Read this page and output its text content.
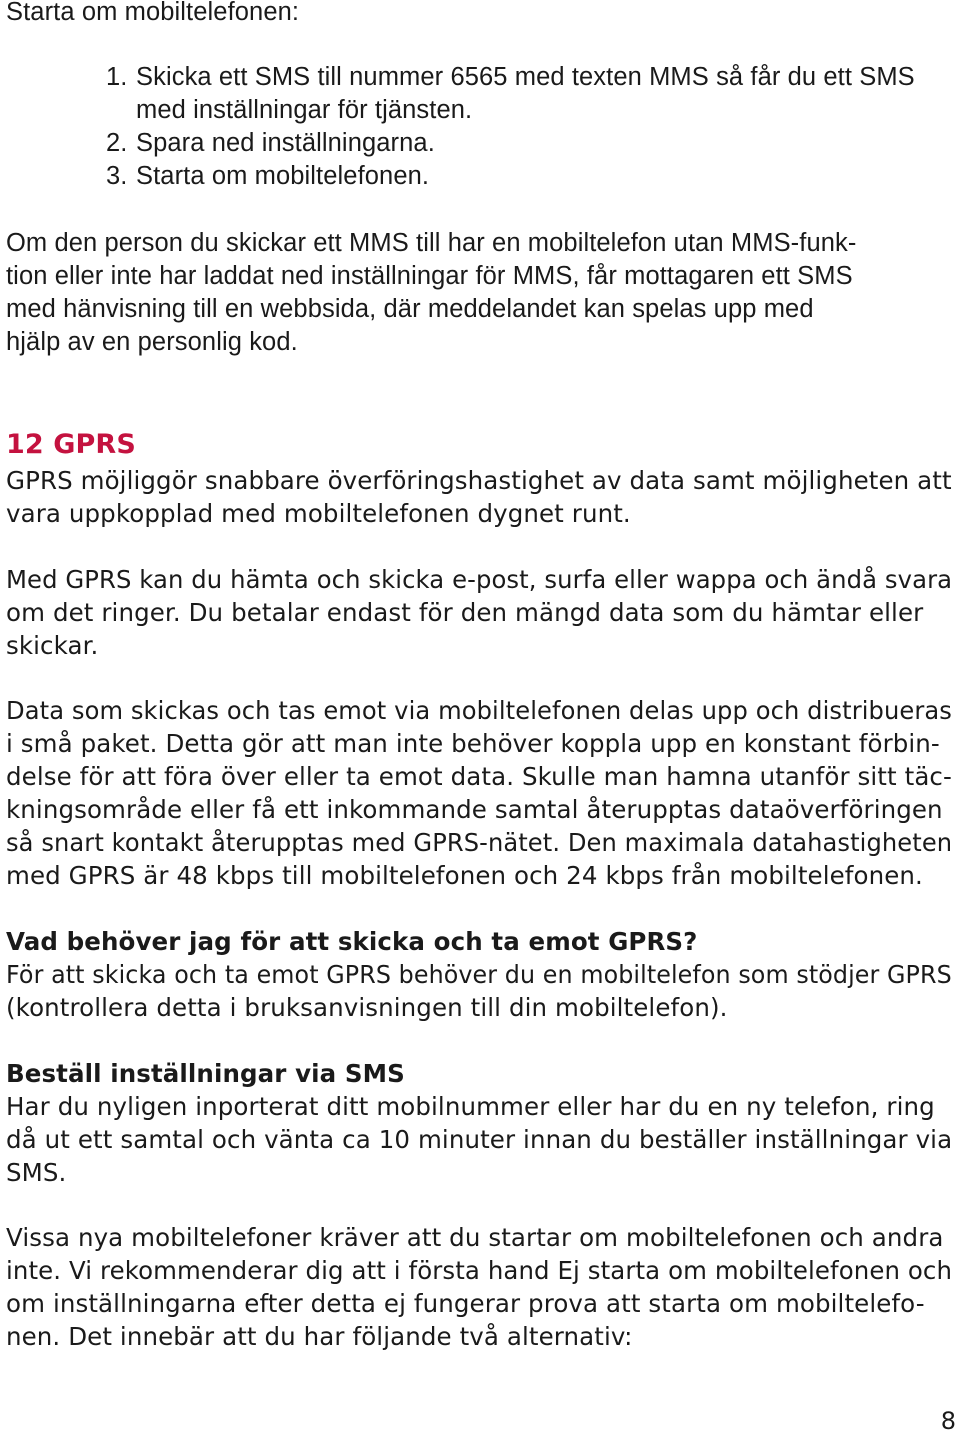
Starta om mobiltelefonen:
1. Skicka ett SMS till nummer 6565 med texten MMS så får du ett SMS
med inställningar för tjänsten.
2. Spara ned inställningarna.
3. Starta om mobiltelefonen.
Om den person du skickar ett MMS till har en mobiltelefon utan MMS-funk-
tion eller inte har laddat ned inställningar för MMS, får mottagaren ett SMS
med hänvisning till en webbsida, där meddelandet kan spelas upp med
hjälp av en personlig kod.
12 GPRS
GPRS möjliggör snabbare överföringshastighet av data samt möjligheten att
vara uppkopplad med mobiltelefonen dygnet runt.
Med GPRS kan du hämta och skicka e-post, surfa eller wappa och ändå svara
om det ringer. Du betalar endast för den mängd data som du hämtar eller
skickar.
Data som skickas och tas emot via mobiltelefonen delas upp och distribueras
i små paket. Detta gör att man inte behöver koppla upp en konstant förbin-
delse för att föra över eller ta emot data. Skulle man hamna utanför sitt täc-
kningsområde eller få ett inkommande samtal återupptas dataöverföringen
så snart kontakt återupptas med GPRS-nätet. Den maximala datahastigheten
med GPRS är 48 kbps till mobiltelefonen och 24 kbps från mobiltelefonen.
Vad behöver jag för att skicka och ta emot GPRS?
För att skicka och ta emot GPRS behöver du en mobiltelefon som stödjer GPRS
(kontrollera detta i bruksanvisningen till din mobiltelefon).
Beställ inställningar via SMS
Har du nyligen inporterat ditt mobilnummer eller har du en ny telefon, ring
då ut ett samtal och vänta ca 10 minuter innan du beställer inställningar via
SMS.
Vissa nya mobiltelefoner kräver att du startar om mobiltelefonen och andra
inte. Vi rekommenderar dig att i första hand Ej starta om mobiltelefonen och
om inställningarna efter detta ej fungerar prova att starta om mobiltelefo-
nen. Det innebär att du har följande två alternativ:
8
